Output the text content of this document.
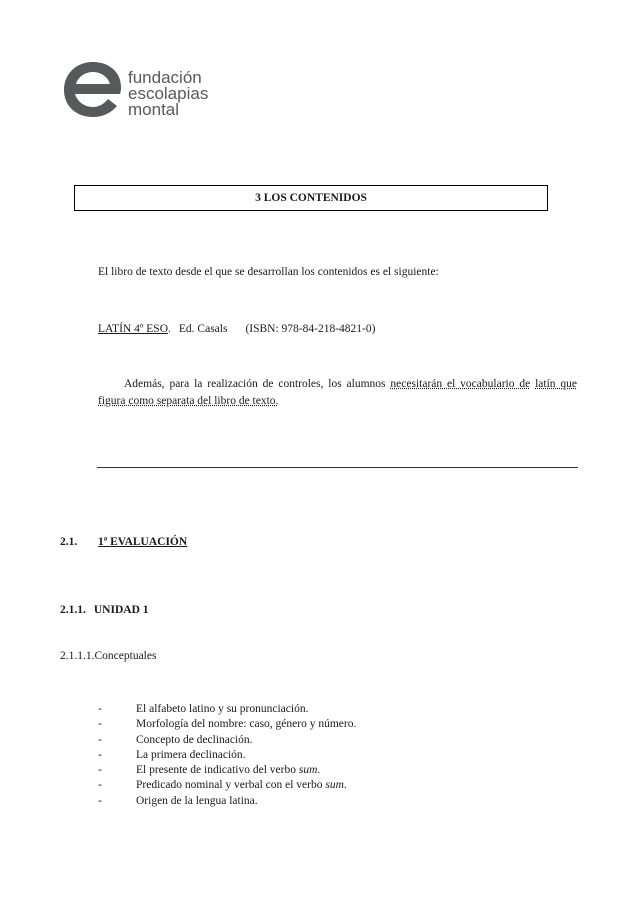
fundación
escolapias
montal
3 LOS CONTENIDOS
El libro de texto desde el que se desarrollan los contenidos es el siguiente:
LATÍN 4º ESO. Ed. Casals (ISBN: 978-84-218-4821-0)
Además, para la realización de controles, los alumnos necesitarán el vocabulario de latín que figura como separata del libro de texto.
2.1. 1ª EVALUACIÓN
2.1.1. UNIDAD 1
2.1.1.1.Conceptuales
-	El alfabeto latino y su pronunciación.
-	Morfología del nombre: caso, género y número.
-	Concepto de declinación.
-	La primera declinación.
-	El presente de indicativo del verbo sum.
-	Predicado nominal y verbal con el verbo sum.
-	Origen de la lengua latina.
